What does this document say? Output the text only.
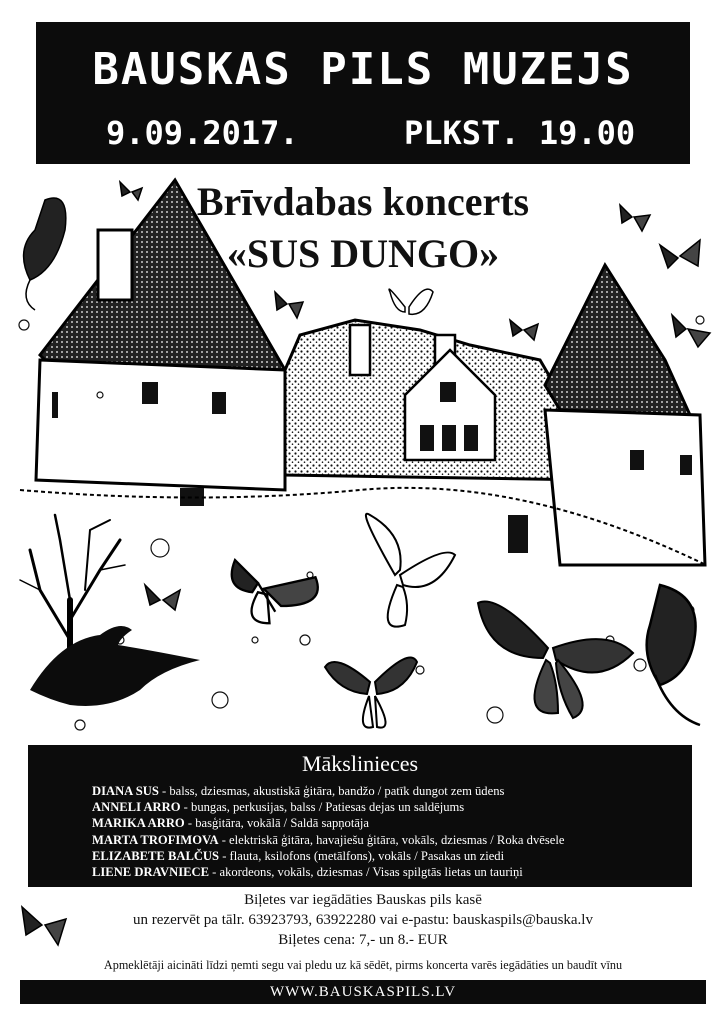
BAUSKAS PILS MUZEJS
9.09.2017.	PLKST. 19.00
Brīvdabas koncerts
«SUS DUNGO»
Mākslinieces
DIANA SUS - balss, dziesmas, akustiskā ģitāra, bandžo / patīk dungot zem ūdens
ANNELI ARRO - bungas, perkusijas, balss / Patiesas dejas un saldējums
MARIKA ARRO - basģitāra, vokālā / Saldā sapņotāja
MARTA TROFIMOVA - elektriskā ģitāra, havajiešu ģitāra, vokāls, dziesmas / Roka dvēsele
ELIZABETE BALČUS - flauta, ksilofons (metālfons), vokāls / Pasakas un ziedi
LIENE DRAVNIECE - akordeons, vokāls, dziesmas / Visas spilgtās lietas un tauriņi
Biļetes var iegādāties Bauskas pils kasē
un rezervēt pa tālr. 63923793, 63922280 vai e-pastu: bauskaspils@bauska.lv
Biļetes cena: 7,- un 8.- EUR
Apmeklētāji aicināti līdzi ņemti segu vai pledu uz kā sēdēt, pirms koncerta varēs iegādāties un baudīt vīnu
WWW.BAUSKASPILS.LV
